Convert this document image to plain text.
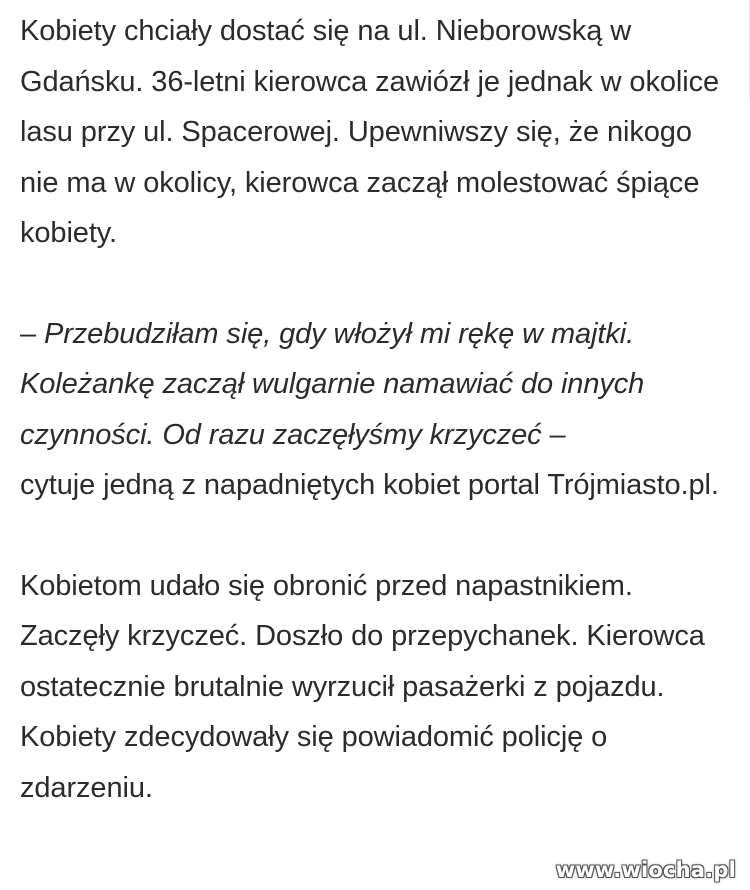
Kobiety chciały dostać się na ul. Nieborowską w Gdańsku. 36-letni kierowca zawiózł je jednak w okolice lasu przy ul. Spacerowej. Upewniwszy się, że nikogo nie ma w okolicy, kierowca zaczął molestować śpiące kobiety.

– Przebudziłam się, gdy włożył mi rękę w majtki. Koleżankę zaczął wulgarnie namawiać do innych czynności. Od razu zaczęłyśmy krzyczeć –
cytuje jedną z napadniętych kobiet portal Trójmiasto.pl.

Kobietom udało się obronić przed napastnikiem. Zaczęły krzyczeć. Doszło do przepychanek. Kierowca ostatecznie brutalnie wyrzucił pasażerki z pojazdu. Kobiety zdecydowały się powiadomić policję o zdarzeniu.

www.wiocha.pl
